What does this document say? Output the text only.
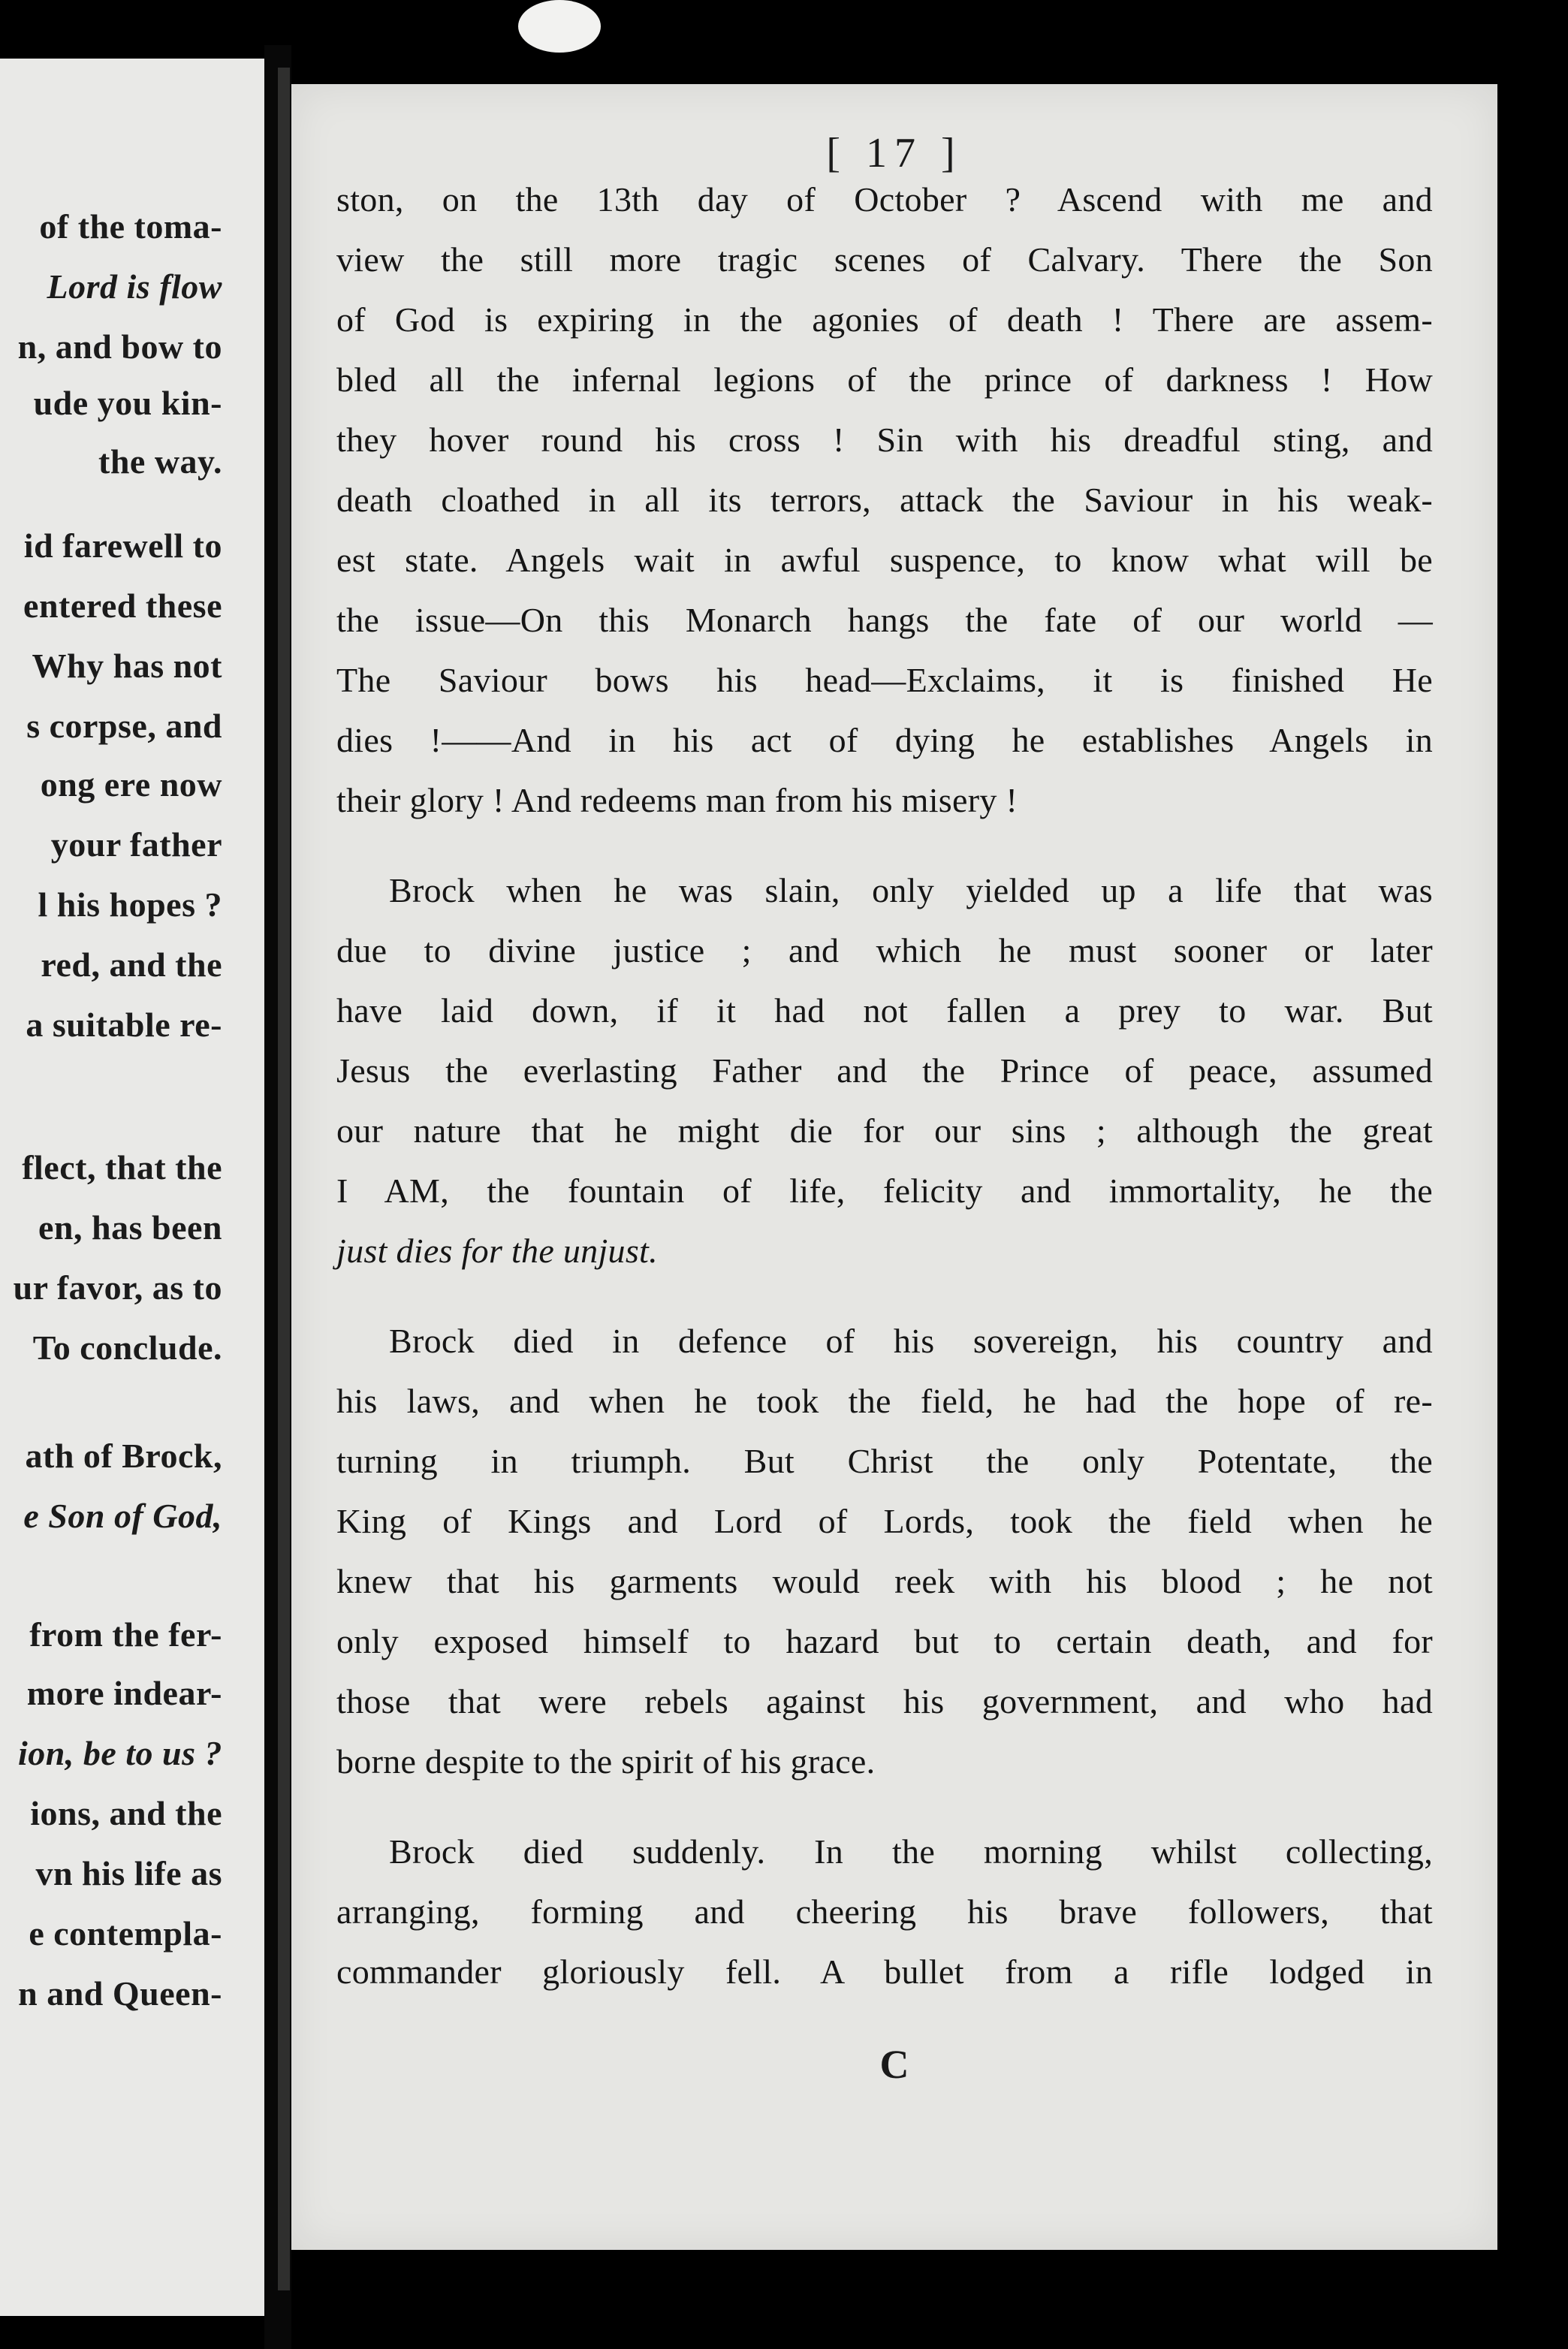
of the toma-
Lord is flow
n, and bow to
ude you kin-
the way.
id farewell to
entered these
Why has not
s corpse, and
ong ere now
your father
l his hopes ?
red, and the
a suitable re-
flect, that the
en, has been
ur favor, as to
To conclude.
ath of Brock,
e Son of God,
from the fer-
more indear-
ion, be to us ?
ions, and the
vn his life as
e contempla-
n and Queen-
[ 17 ]
C
ston, on the 13th day of October ? Ascend with me and
view the still more tragic scenes of Calvary. There the Son
of God is expiring in the agonies of death ! There are assem-
bled all the infernal legions of the prince of darkness ! How
they hover round his cross ! Sin with his dreadful sting, and
death cloathed in all its terrors, attack the Saviour in his weak-
est state. Angels wait in awful suspence, to know what will be
the issue—On this Monarch hangs the fate of our world —
The Saviour bows his head—Exclaims, it is finished He
dies !——And in his act of dying he establishes Angels in
their glory ! And redeems man from his misery !
Brock when he was slain, only yielded up a life that was
due to divine justice ; and which he must sooner or later
have laid down, if it had not fallen a prey to war. But
Jesus the everlasting Father and the Prince of peace, assumed
our nature that he might die for our sins ; although the great
I AM, the fountain of life, felicity and immortality, he the
just dies for the unjust.
Brock died in defence of his sovereign, his country and
his laws, and when he took the field, he had the hope of re-
turning in triumph. But Christ the only Potentate, the
King of Kings and Lord of Lords, took the field when he
knew that his garments would reek with his blood ; he not
only exposed himself to hazard but to certain death, and for
those that were rebels against his government, and who had
borne despite to the spirit of his grace.
Brock died suddenly. In the morning whilst collecting,
arranging, forming and cheering his brave followers, that
commander gloriously fell. A bullet from a rifle lodged in
